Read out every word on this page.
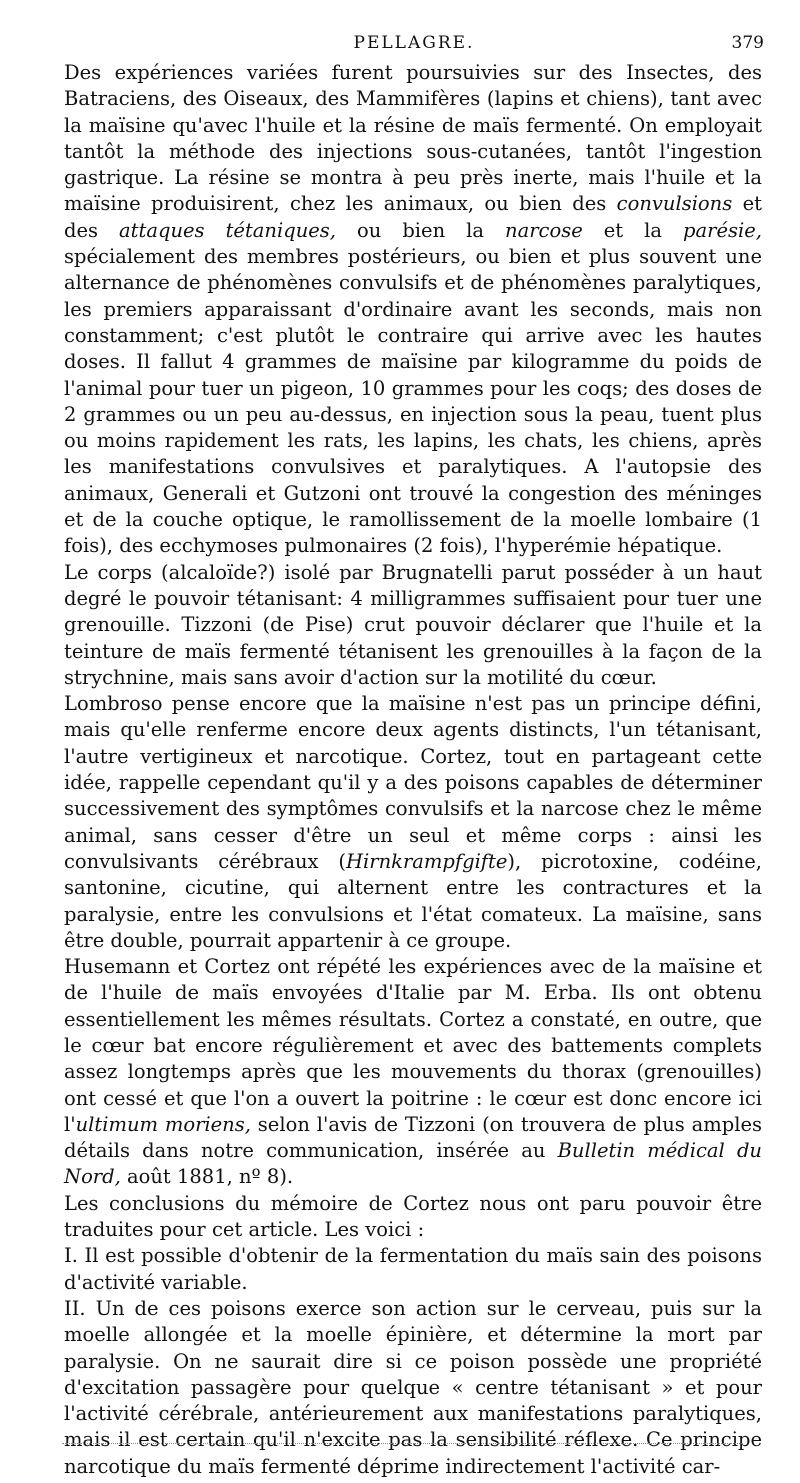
PELLAGRE.	379

Des expériences variées furent poursuivies sur des Insectes, des Batraciens, des Oiseaux, des Mammifères (lapins et chiens), tant avec la maïsine qu'avec l'huile et la résine de maïs fermenté. On employait tantôt la méthode des injections sous-cutanées, tantôt l'ingestion gastrique. La résine se montra à peu près inerte, mais l'huile et la maïsine produisirent, chez les animaux, ou bien des convulsions et des attaques tétaniques, ou bien la narcose et la parésie, spécialement des membres postérieurs, ou bien et plus souvent une alternance de phénomènes convulsifs et de phénomènes paralytiques, les premiers apparaissant d'ordinaire avant les seconds, mais non constamment; c'est plutôt le contraire qui arrive avec les hautes doses. Il fallut 4 grammes de maïsine par kilogramme du poids de l'animal pour tuer un pigeon, 10 grammes pour les coqs; des doses de 2 grammes ou un peu au-dessus, en injection sous la peau, tuent plus ou moins rapidement les rats, les lapins, les chats, les chiens, après les manifestations convulsives et paralytiques. A l'autopsie des animaux, Generali et Gutzoni ont trouvé la congestion des méninges et de la couche optique, le ramollissement de la moelle lombaire (1 fois), des ecchymoses pulmonaires (2 fois), l'hyperémie hépatique.

Le corps (alcaloïde?) isolé par Brugnatelli parut posséder à un haut degré le pouvoir tétanisant: 4 milligrammes suffisaient pour tuer une grenouille. Tizzoni (de Pise) crut pouvoir déclarer que l'huile et la teinture de maïs fermenté tétanisent les grenouilles à la façon de la strychnine, mais sans avoir d'action sur la motilité du cœur.

Lombroso pense encore que la maïsine n'est pas un principe défini, mais qu'elle renferme encore deux agents distincts, l'un tétanisant, l'autre vertigineux et narcotique. Cortez, tout en partageant cette idée, rappelle cependant qu'il y a des poisons capables de déterminer successivement des symptômes convulsifs et la narcose chez le même animal, sans cesser d'être un seul et même corps : ainsi les convulsivants cérébraux (Hirnkrampfgifte), picrotoxine, codéine, santonine, cicutine, qui alternent entre les contractures et la paralysie, entre les convulsions et l'état comateux. La maïsine, sans être double, pourrait appartenir à ce groupe.

Husemann et Cortez ont répété les expériences avec de la maïsine et de l'huile de maïs envoyées d'Italie par M. Erba. Ils ont obtenu essentiellement les mêmes résultats. Cortez a constaté, en outre, que le cœur bat encore régulièrement et avec des battements complets assez longtemps après que les mouvements du thorax (grenouilles) ont cessé et que l'on a ouvert la poitrine : le cœur est donc encore ici l'ultimum moriens, selon l'avis de Tizzoni (on trouvera de plus amples détails dans notre communication, insérée au Bulletin médical du Nord, août 1881, nº 8).

Les conclusions du mémoire de Cortez nous ont paru pouvoir être traduites pour cet article. Les voici :

I. Il est possible d'obtenir de la fermentation du maïs sain des poisons d'activité variable.

II. Un de ces poisons exerce son action sur le cerveau, puis sur la moelle allongée et la moelle épinière, et détermine la mort par paralysie. On ne saurait dire si ce poison possède une propriété d'excitation passagère pour quelque « centre tétanisant » et pour l'activité cérébrale, antérieurement aux manifestations paralytiques, mais il est certain qu'il n'excite pas la sensibilité réflexe. Ce principe narcotique du maïs fermenté déprime indirectement l'activité car-
